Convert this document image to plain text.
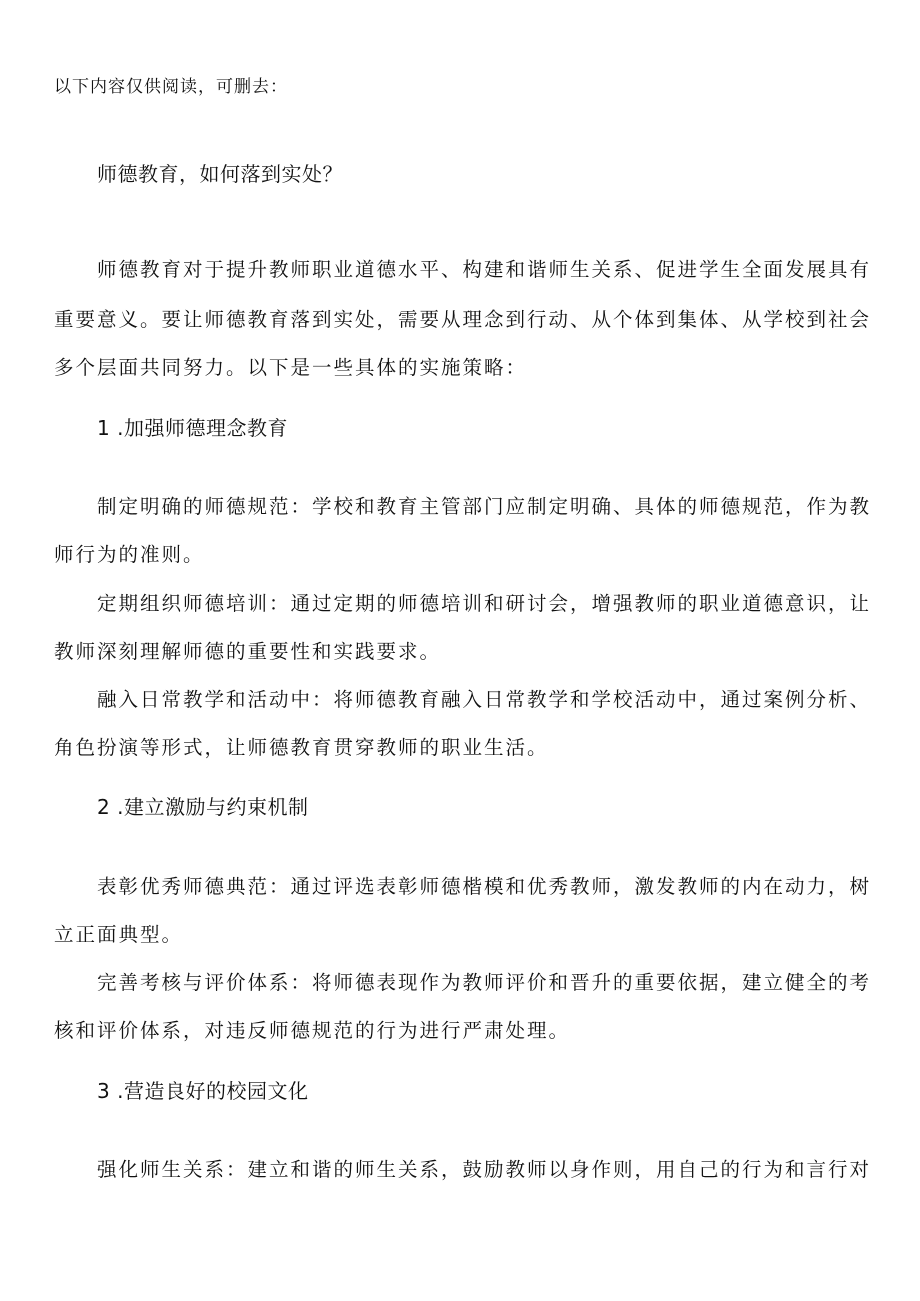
以下内容仅供阅读，可删去：
师德教育，如何落到实处？
师德教育对于提升教师职业道德水平、构建和谐师生关系、促进学生全面发展具有
重要意义。要让师德教育落到实处，需要从理念到行动、从个体到集体、从学校到社会
多个层面共同努力。以下是一些具体的实施策略：
1 .加强师德理念教育
制定明确的师德规范：学校和教育主管部门应制定明确、具体的师德规范，作为教
师行为的准则。
定期组织师德培训：通过定期的师德培训和研讨会，增强教师的职业道德意识，让
教师深刻理解师德的重要性和实践要求。
融入日常教学和活动中：将师德教育融入日常教学和学校活动中，通过案例分析、
角色扮演等形式，让师德教育贯穿教师的职业生活。
2 .建立激励与约束机制
表彰优秀师德典范：通过评选表彰师德楷模和优秀教师，激发教师的内在动力，树
立正面典型。
完善考核与评价体系：将师德表现作为教师评价和晋升的重要依据，建立健全的考
核和评价体系，对违反师德规范的行为进行严肃处理。
3 .营造良好的校园文化
强化师生关系：建立和谐的师生关系，鼓励教师以身作则，用自己的行为和言行对
